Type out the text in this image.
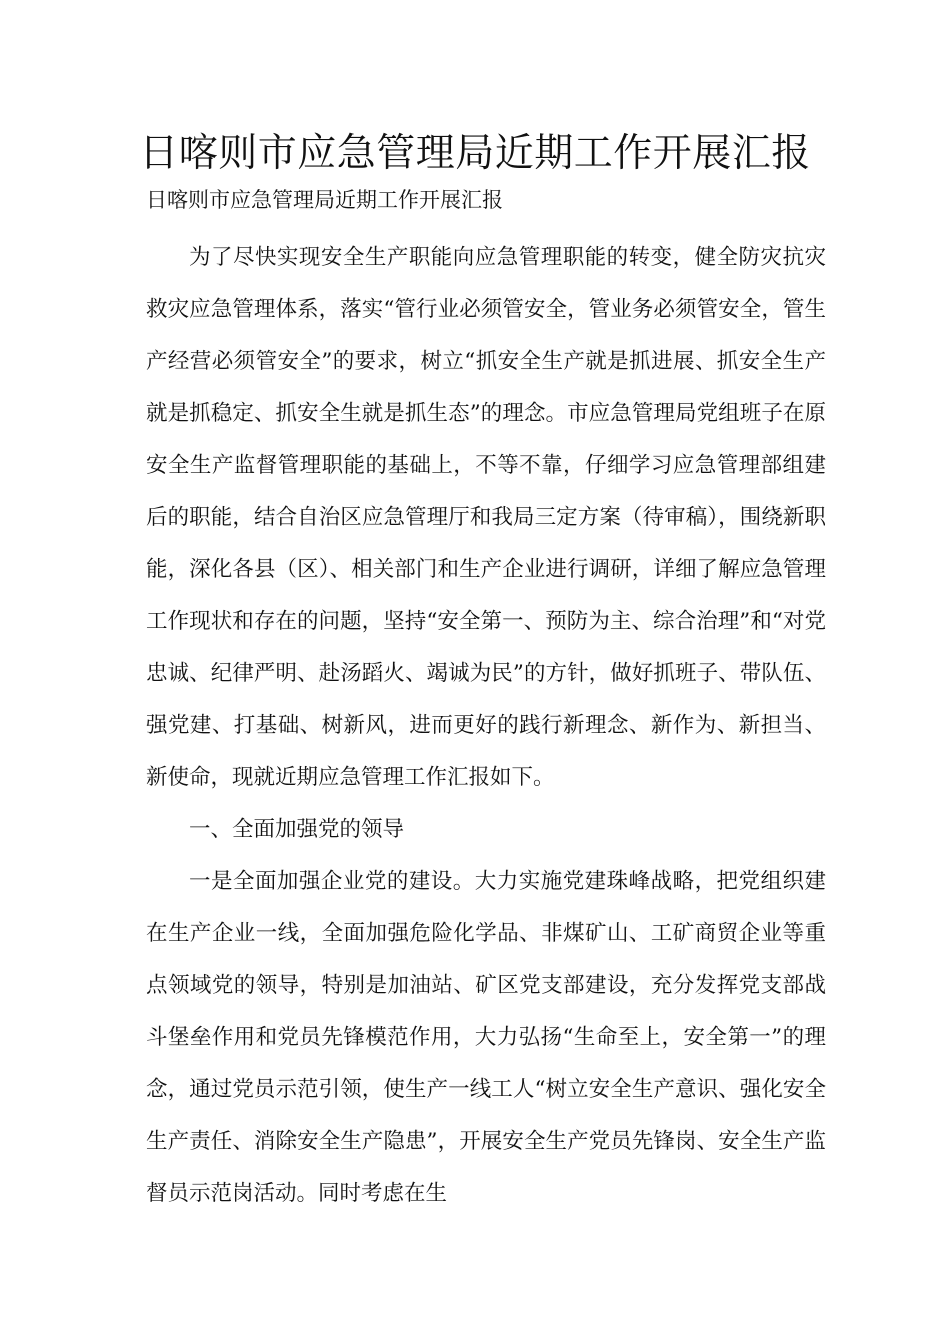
日喀则市应急管理局近期工作开展汇报
日喀则市应急管理局近期工作开展汇报

为了尽快实现安全生产职能向应急管理职能的转变，健全防灾抗灾救灾应急管理体系，落实“管行业必须管安全，管业务必须管安全，管生产经营必须管安全”的要求，树立“抓安全生产就是抓进展、抓安全生产就是抓稳定、抓安全生就是抓生态”的理念。市应急管理局党组班子在原安全生产监督管理职能的基础上，不等不靠，仔细学习应急管理部组建后的职能，结合自治区应急管理厅和我局三定方案（待审稿），围绕新职能，深化各县（区）、相关部门和生产企业进行调研，详细了解应急管理工作现状和存在的问题，坚持“安全第一、预防为主、综合治理”和“对党忠诚、纪律严明、赴汤蹈火、竭诚为民”的方针，做好抓班子、带队伍、强党建、打基础、树新风，进而更好的践行新理念、新作为、新担当、新使命，现就近期应急管理工作汇报如下。

一、全面加强党的领导

一是全面加强企业党的建设。大力实施党建珠峰战略，把党组织建在生产企业一线，全面加强危险化学品、非煤矿山、工矿商贸企业等重点领域党的领导，特别是加油站、矿区党支部建设，充分发挥党支部战斗堡垒作用和党员先锋模范作用，大力弘扬“生命至上，安全第一”的理念，通过党员示范引领，使生产一线工人“树立安全生产意识、强化安全生产责任、消除安全生产隐患”，开展安全生产党员先锋岗、安全生产监督员示范岗活动。同时考虑在生
